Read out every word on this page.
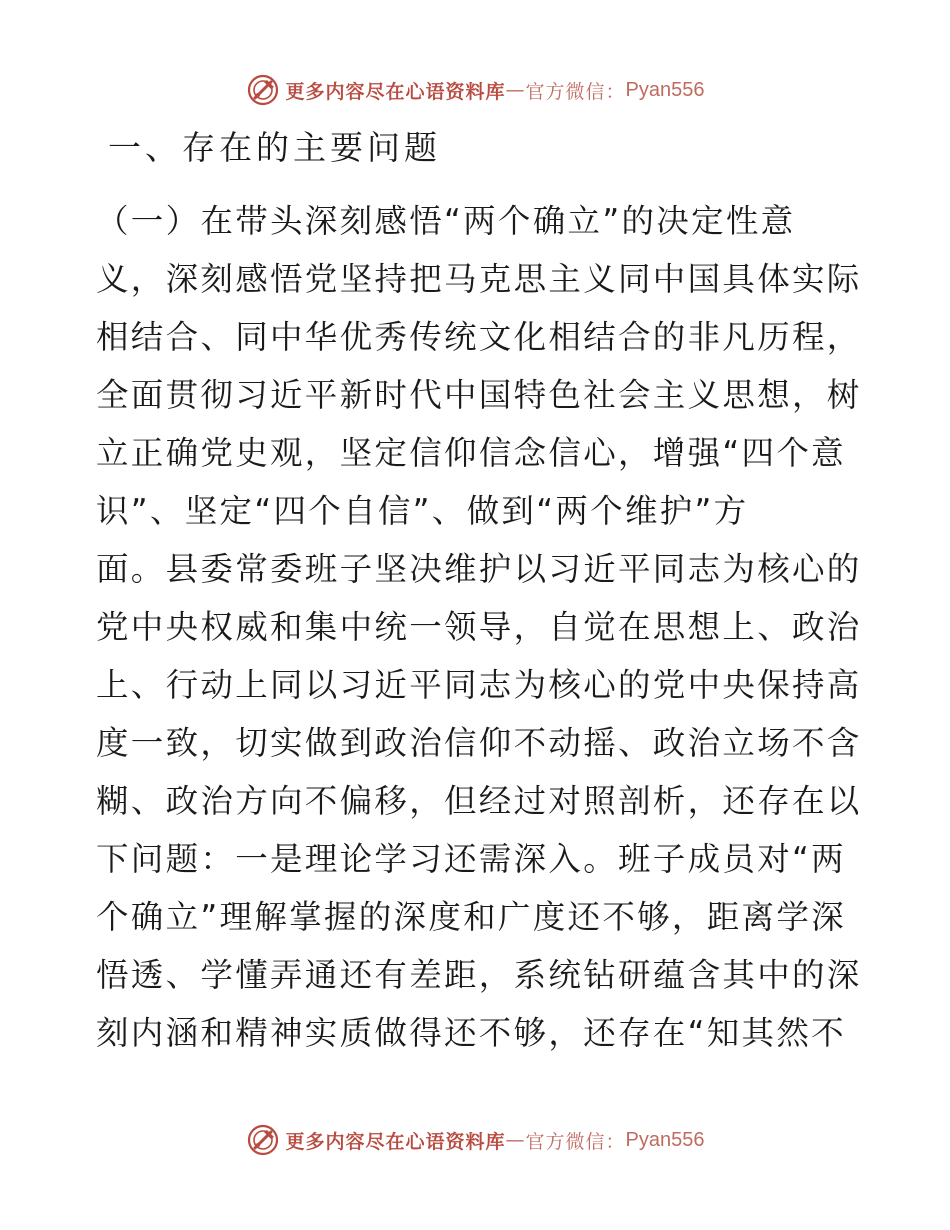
更多内容尽在心语资料库 — 官方微信： Pyan556
一、存在的主要问题
（一）在带头深刻感悟“两个确立”的决定性意
义，深刻感悟党坚持把马克思主义同中国具体实际
相结合、同中华优秀传统文化相结合的非凡历程，
全面贯彻习近平新时代中国特色社会主义思想，树
立正确党史观，坚定信仰信念信心，增强“四个意
识”、坚定“四个自信”、做到“两个维护”方
面。县委常委班子坚决维护以习近平同志为核心的
党中央权威和集中统一领导，自觉在思想上、政治
上、行动上同以习近平同志为核心的党中央保持高
度一致，切实做到政治信仰不动摇、政治立场不含
糊、政治方向不偏移，但经过对照剖析，还存在以
下问题：一是理论学习还需深入。班子成员对“两
个确立”理解掌握的深度和广度还不够，距离学深
悟透、学懂弄通还有差距，系统钻研蕴含其中的深
刻内涵和精神实质做得还不够，还存在“知其然不
更多内容尽在心语资料库 — 官方微信： Pyan556
